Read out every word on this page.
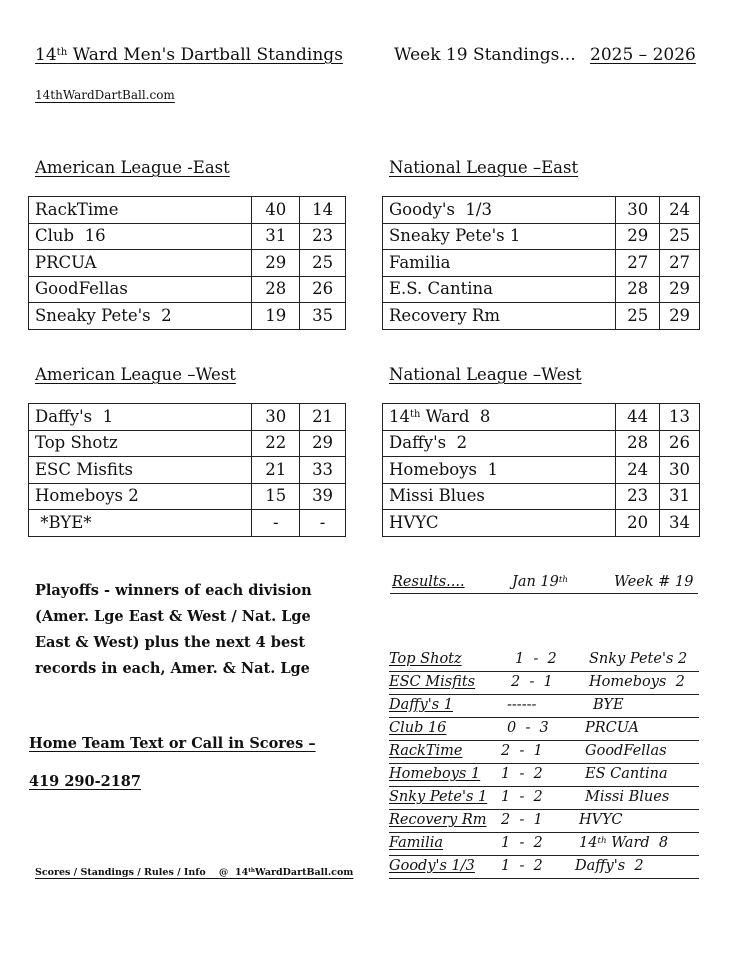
14th Ward Men's Dartball Standings	Week 19 Standings... 2025 – 2026
14thWardDartBall.com
American League -East
RackTime	40	14
Club  16	31	23
PRCUA	29	25
GoodFellas	28	26
Sneaky Pete's  2	19	35
National League –East
Goody's  1/3	30	24
Sneaky Pete's 1	29	25
Familia	27	27
E.S. Cantina	28	29
Recovery Rm	25	29
American League –West
Daffy's  1	30	21
Top Shotz	22	29
ESC Misfits	21	33
Homeboys 2	15	39
*BYE*	-	-
National League –West
14th Ward  8	44	13
Daffy's  2	28	26
Homeboys  1	24	30
Missi Blues	23	31
HVYC	20	34
Playoffs - winners of each division (Amer. Lge East & West / Nat. Lge East & West) plus the next 4 best records in each, Amer. & Nat. Lge
Home Team Text or Call in Scores –
419 290-2187
Scores / Standings / Rules / Info @ 14thWardDartBall.com
Results....	Jan 19th	Week # 19
Top Shotz	1  -  2 Snky Pete's 2
ESC Misfits 2  -  1 Homeboys  2
Daffy's 1	------	BYE
Club 16	0  -  3 PRCUA
RackTime	2  -  1	GoodFellas
Homeboys 1 1  -  2	ES Cantina
Snky Pete's 1 1  -  2	Missi Blues
Recovery Rm 2  -  1 HVYC
Familia	1  -  2 14th Ward  8
Goody's 1/3 1  -  2 Daffy's  2
